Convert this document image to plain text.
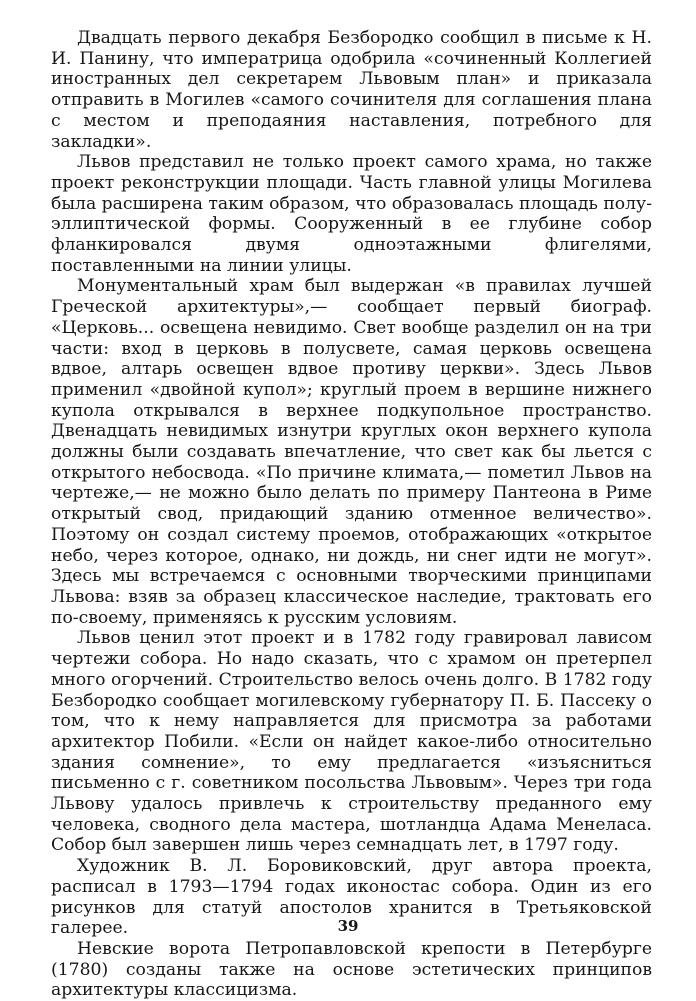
Двадцать первого декабря Безбородко сообщил в письме к Н. И. Панину, что императрица одобрила «сочиненный Коллегией иностранных дел секретарем Львовым план» и приказала отправить в Могилев «самого сочинителя для соглашения плана с местом и преподаяния наставления, потребного для закладки».

Львов представил не только проект самого храма, но также проект реконструкции площади. Часть главной улицы Могилева была расширена таким образом, что образовалась площадь полуэллиптической формы. Сооруженный в ее глубине собор фланкировался двумя одноэтажными флигелями, поставленными на линии улицы.

Монументальный храм был выдержан «в правилах лучшей Греческой архитектуры»,— сообщает первый биограф. «Церковь... освещена невидимо. Свет вообще разделил он на три части: вход в церковь в полусвете, самая церковь освещена вдвое, алтарь освещен вдвое противу церкви». Здесь Львов применил «двойной купол»; круглый проем в вершине нижнего купола открывался в верхнее подкупольное пространство. Двенадцать невидимых изнутри круглых окон верхнего купола должны были создавать впечатление, что свет как бы льется с открытого небосвода. «По причине климата,— пометил Львов на чертеже,— не можно было делать по примеру Пантеона в Риме открытый свод, придающий зданию отменное величество». Поэтому он создал систему проемов, отображающих «открытое небо, через которое, однако, ни дождь, ни снег идти не могут». Здесь мы встречаемся с основными творческими принципами Львова: взяв за образец классическое наследие, трактовать его по-своему, применяясь к русским условиям.

Львов ценил этот проект и в 1782 году гравировал лависом чертежи собора. Но надо сказать, что с храмом он претерпел много огорчений. Строительство велось очень долго. В 1782 году Безбородко сообщает могилевскому губернатору П. Б. Пассеку о том, что к нему направляется для присмотра за работами архитектор Побили. «Если он найдет какое-либо относительно здания сомнение», то ему предлагается «изъясниться письменно с г. советником посольства Львовым». Через три года Львову удалось привлечь к строительству преданного ему человека, сводного дела мастера, шотландца Адама Менеласа. Собор был завершен лишь через семнадцать лет, в 1797 году.

Художник В. Л. Боровиковский, друг автора проекта, расписал в 1793—1794 годах иконостас собора. Один из его рисунков для статуй апостолов хранится в Третьяковской галерее.

Невские ворота Петропавловской крепости в Петербурге (1780) созданы также на основе эстетических принципов архитектуры классицизма.

39
